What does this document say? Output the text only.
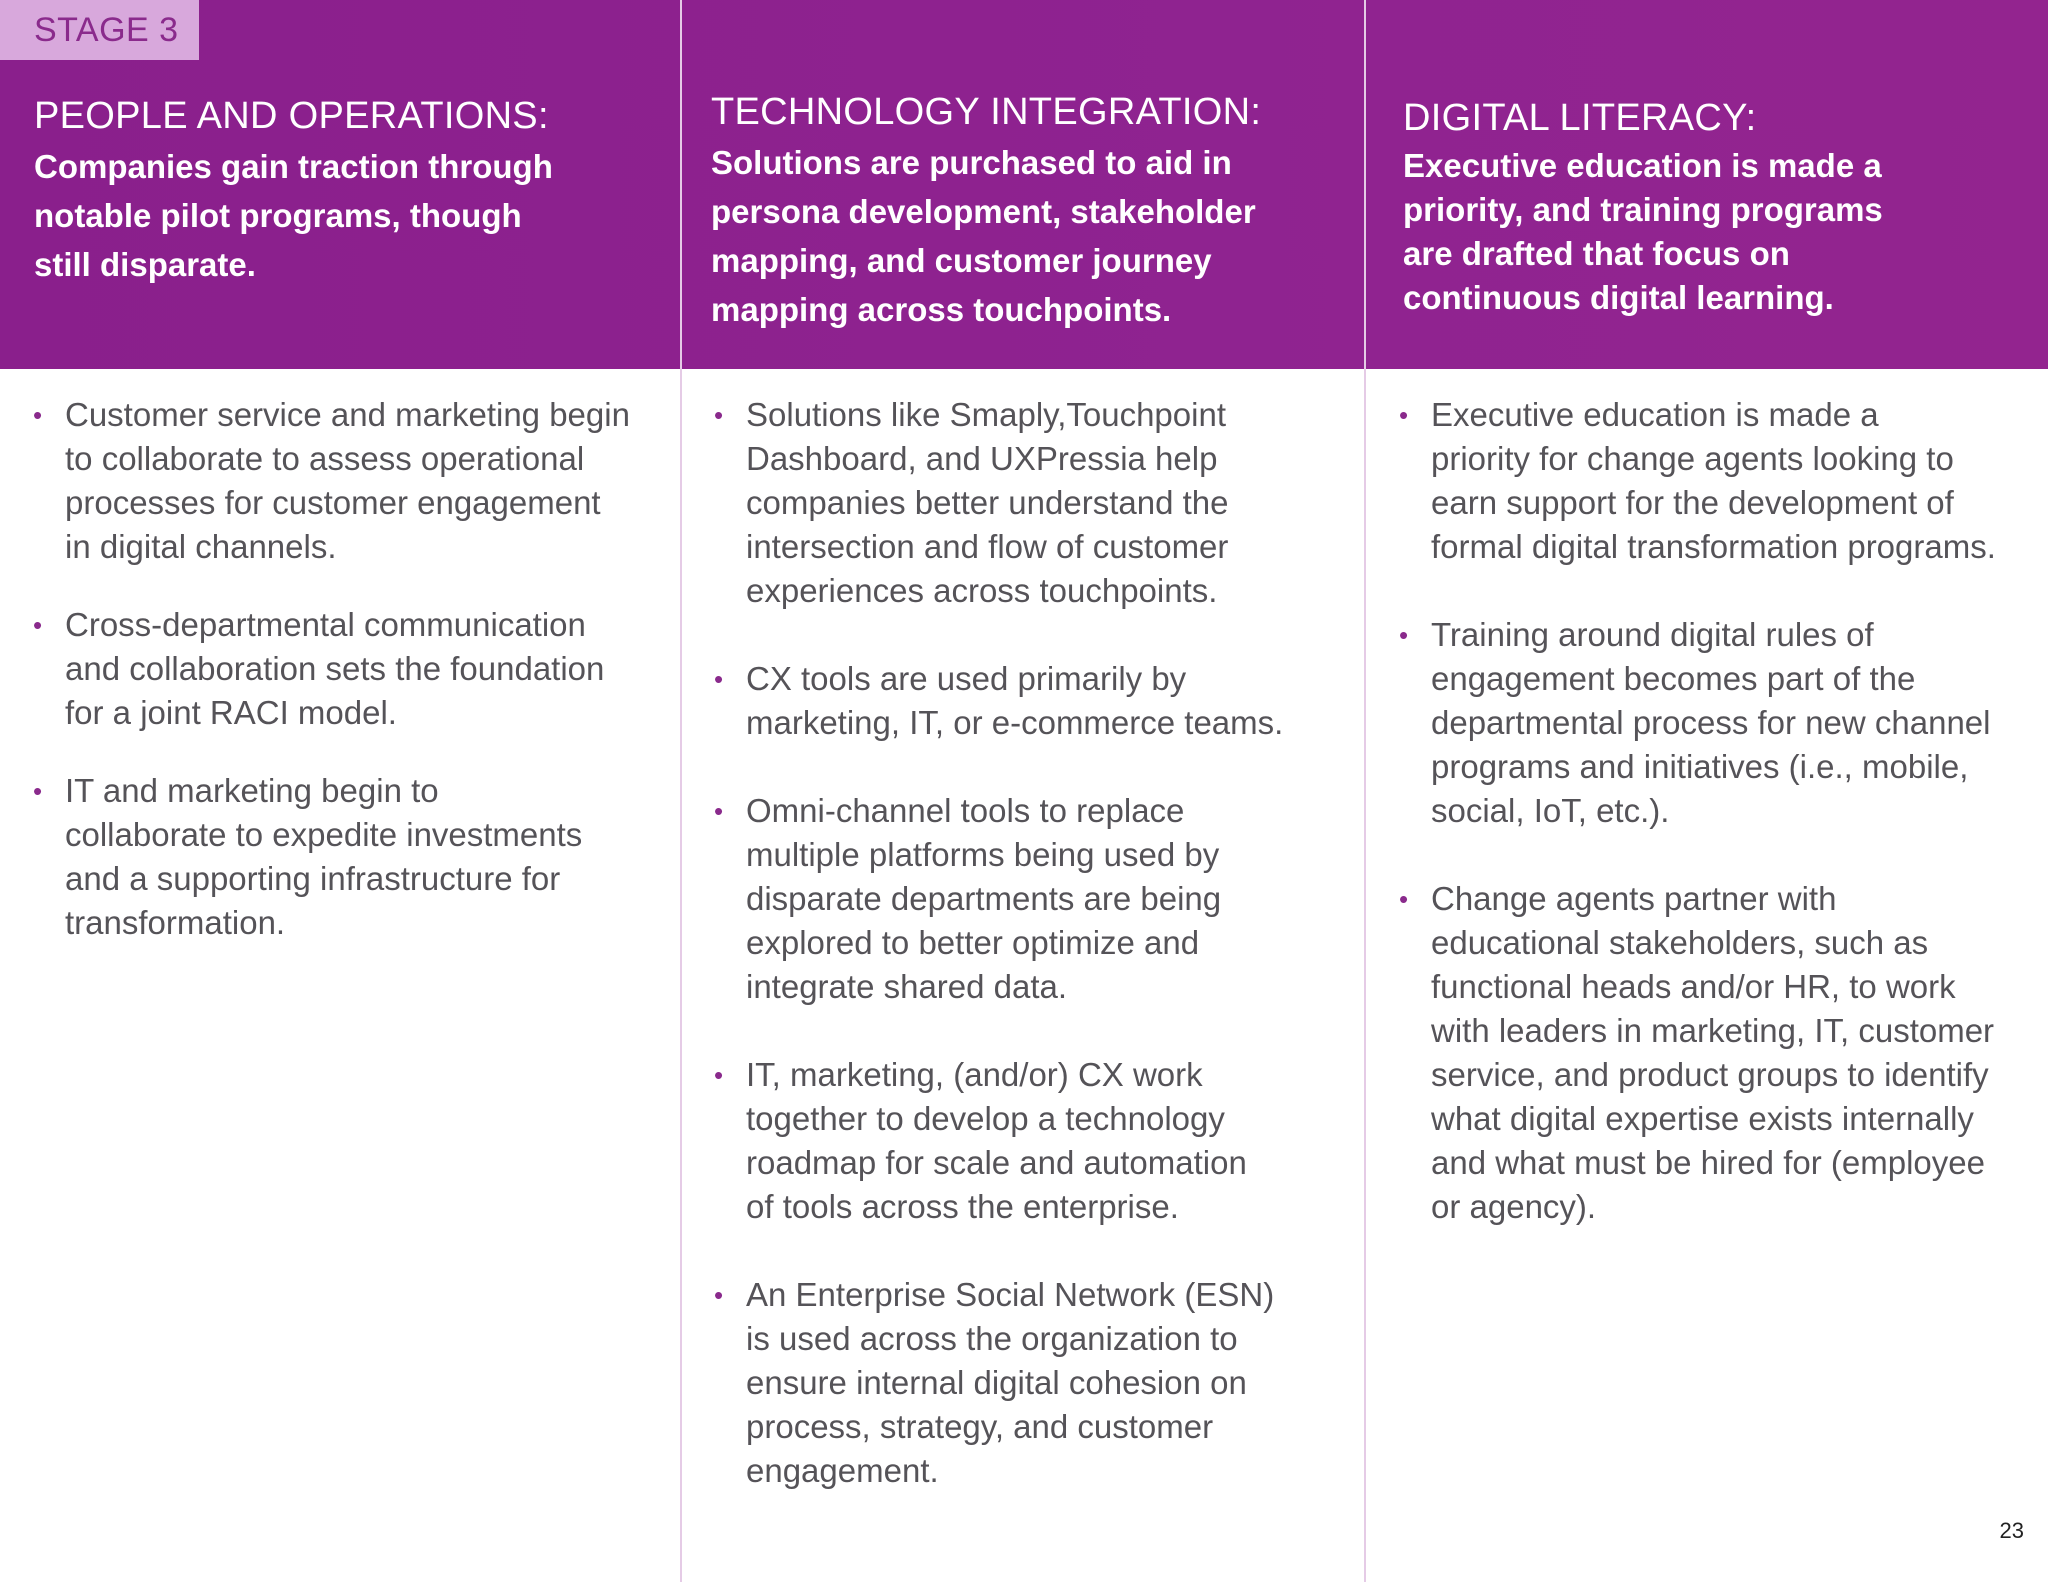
STAGE 3
PEOPLE AND OPERATIONS:
Companies gain traction through
notable pilot programs, though
still disparate.
TECHNOLOGY INTEGRATION:
Solutions are purchased to aid in
persona development, stakeholder
mapping, and customer journey
mapping across touchpoints.
DIGITAL LITERACY:
Executive education is made a
priority, and training programs
are drafted that focus on
continuous digital learning.
• Customer service and marketing begin
to collaborate to assess operational
processes for customer engagement
in digital channels.
• Cross-departmental communication
and collaboration sets the foundation
for a joint RACI model.
• IT and marketing begin to
collaborate to expedite investments
and a supporting infrastructure for
transformation.
• Solutions like Smaply,Touchpoint
Dashboard, and UXPressia help
companies better understand the
intersection and flow of customer
experiences across touchpoints.
• CX tools are used primarily by
marketing, IT, or e-commerce teams.
• Omni-channel tools to replace
multiple platforms being used by
disparate departments are being
explored to better optimize and
integrate shared data.
• IT, marketing, (and/or) CX work
together to develop a technology
roadmap for scale and automation
of tools across the enterprise.
• An Enterprise Social Network (ESN)
is used across the organization to
ensure internal digital cohesion on
process, strategy, and customer
engagement.
• Executive education is made a
priority for change agents looking to
earn support for the development of
formal digital transformation programs.
• Training around digital rules of
engagement becomes part of the
departmental process for new channel
programs and initiatives (i.e., mobile,
social, IoT, etc.).
• Change agents partner with
educational stakeholders, such as
functional heads and/or HR, to work
with leaders in marketing, IT, customer
service, and product groups to identify
what digital expertise exists internally
and what must be hired for (employee
or agency).
23
